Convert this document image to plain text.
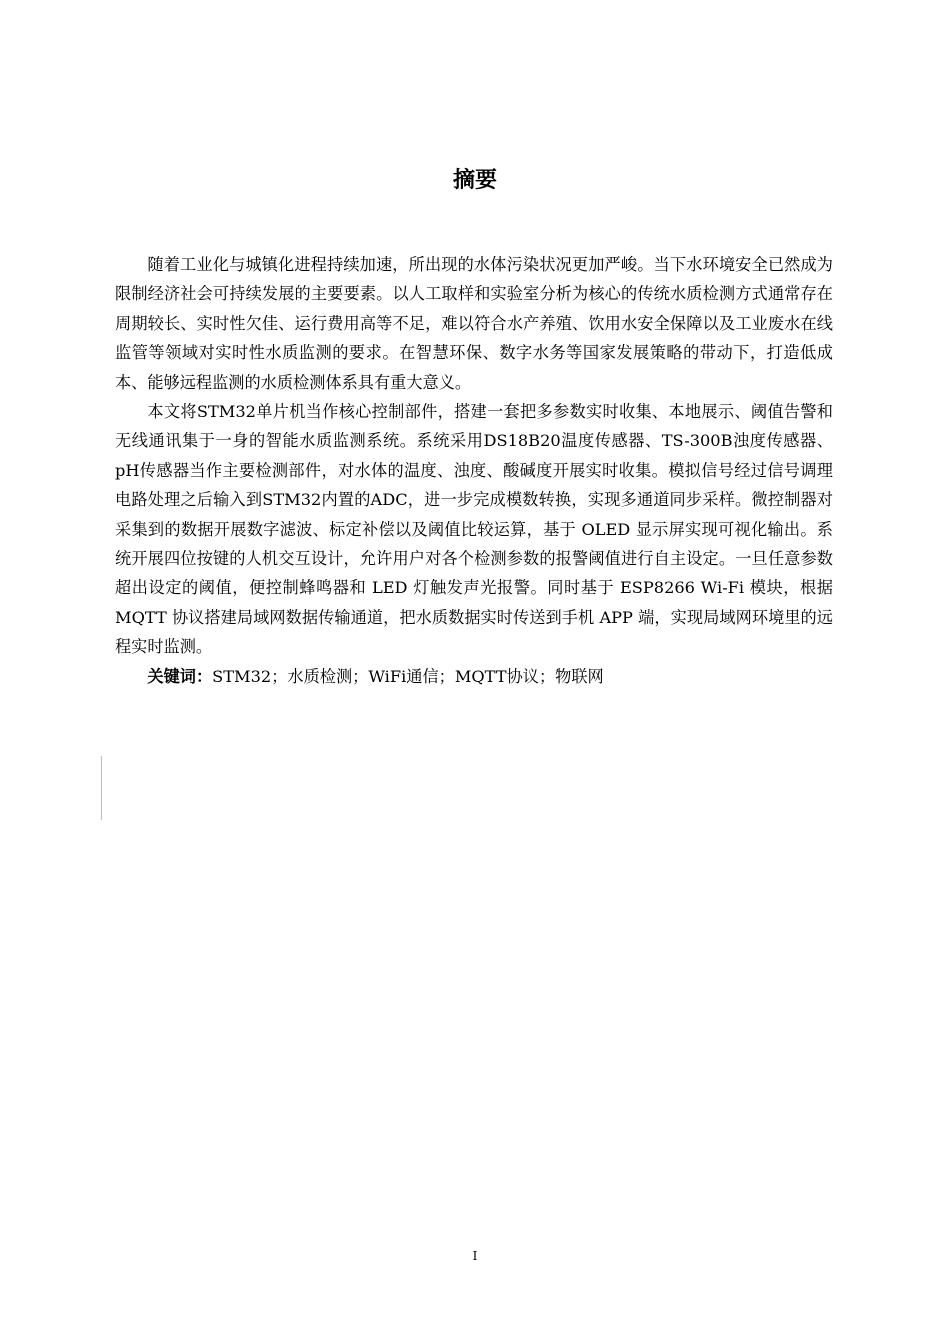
摘要

随着工业化与城镇化进程持续加速，所出现的水体污染状况更加严峻。当下水环境安全已然成为限制经济社会可持续发展的主要要素。以人工取样和实验室分析为核心的传统水质检测方式通常存在周期较长、实时性欠佳、运行费用高等不足，难以符合水产养殖、饮用水安全保障以及工业废水在线监管等领域对实时性水质监测的要求。在智慧环保、数字水务等国家发展策略的带动下，打造低成本、能够远程监测的水质检测体系具有重大意义。

本文将STM32单片机当作核心控制部件，搭建一套把多参数实时收集、本地展示、阈值告警和无线通讯集于一身的智能水质监测系统。系统采用DS18B20温度传感器、TS-300B浊度传感器、pH传感器当作主要检测部件，对水体的温度、浊度、酸碱度开展实时收集。模拟信号经过信号调理电路处理之后输入到STM32内置的ADC，进一步完成模数转换，实现多通道同步采样。微控制器对采集到的数据开展数字滤波、标定补偿以及阈值比较运算，基于 OLED 显示屏实现可视化输出。系统开展四位按键的人机交互设计，允许用户对各个检测参数的报警阈值进行自主设定。一旦任意参数超出设定的阈值，便控制蜂鸣器和 LED 灯触发声光报警。同时基于 ESP8266 Wi-Fi 模块，根据 MQTT 协议搭建局域网数据传输通道，把水质数据实时传送到手机 APP 端，实现局域网环境里的远程实时监测。

关键词：STM32；水质检测；WiFi通信；MQTT协议；物联网

I
